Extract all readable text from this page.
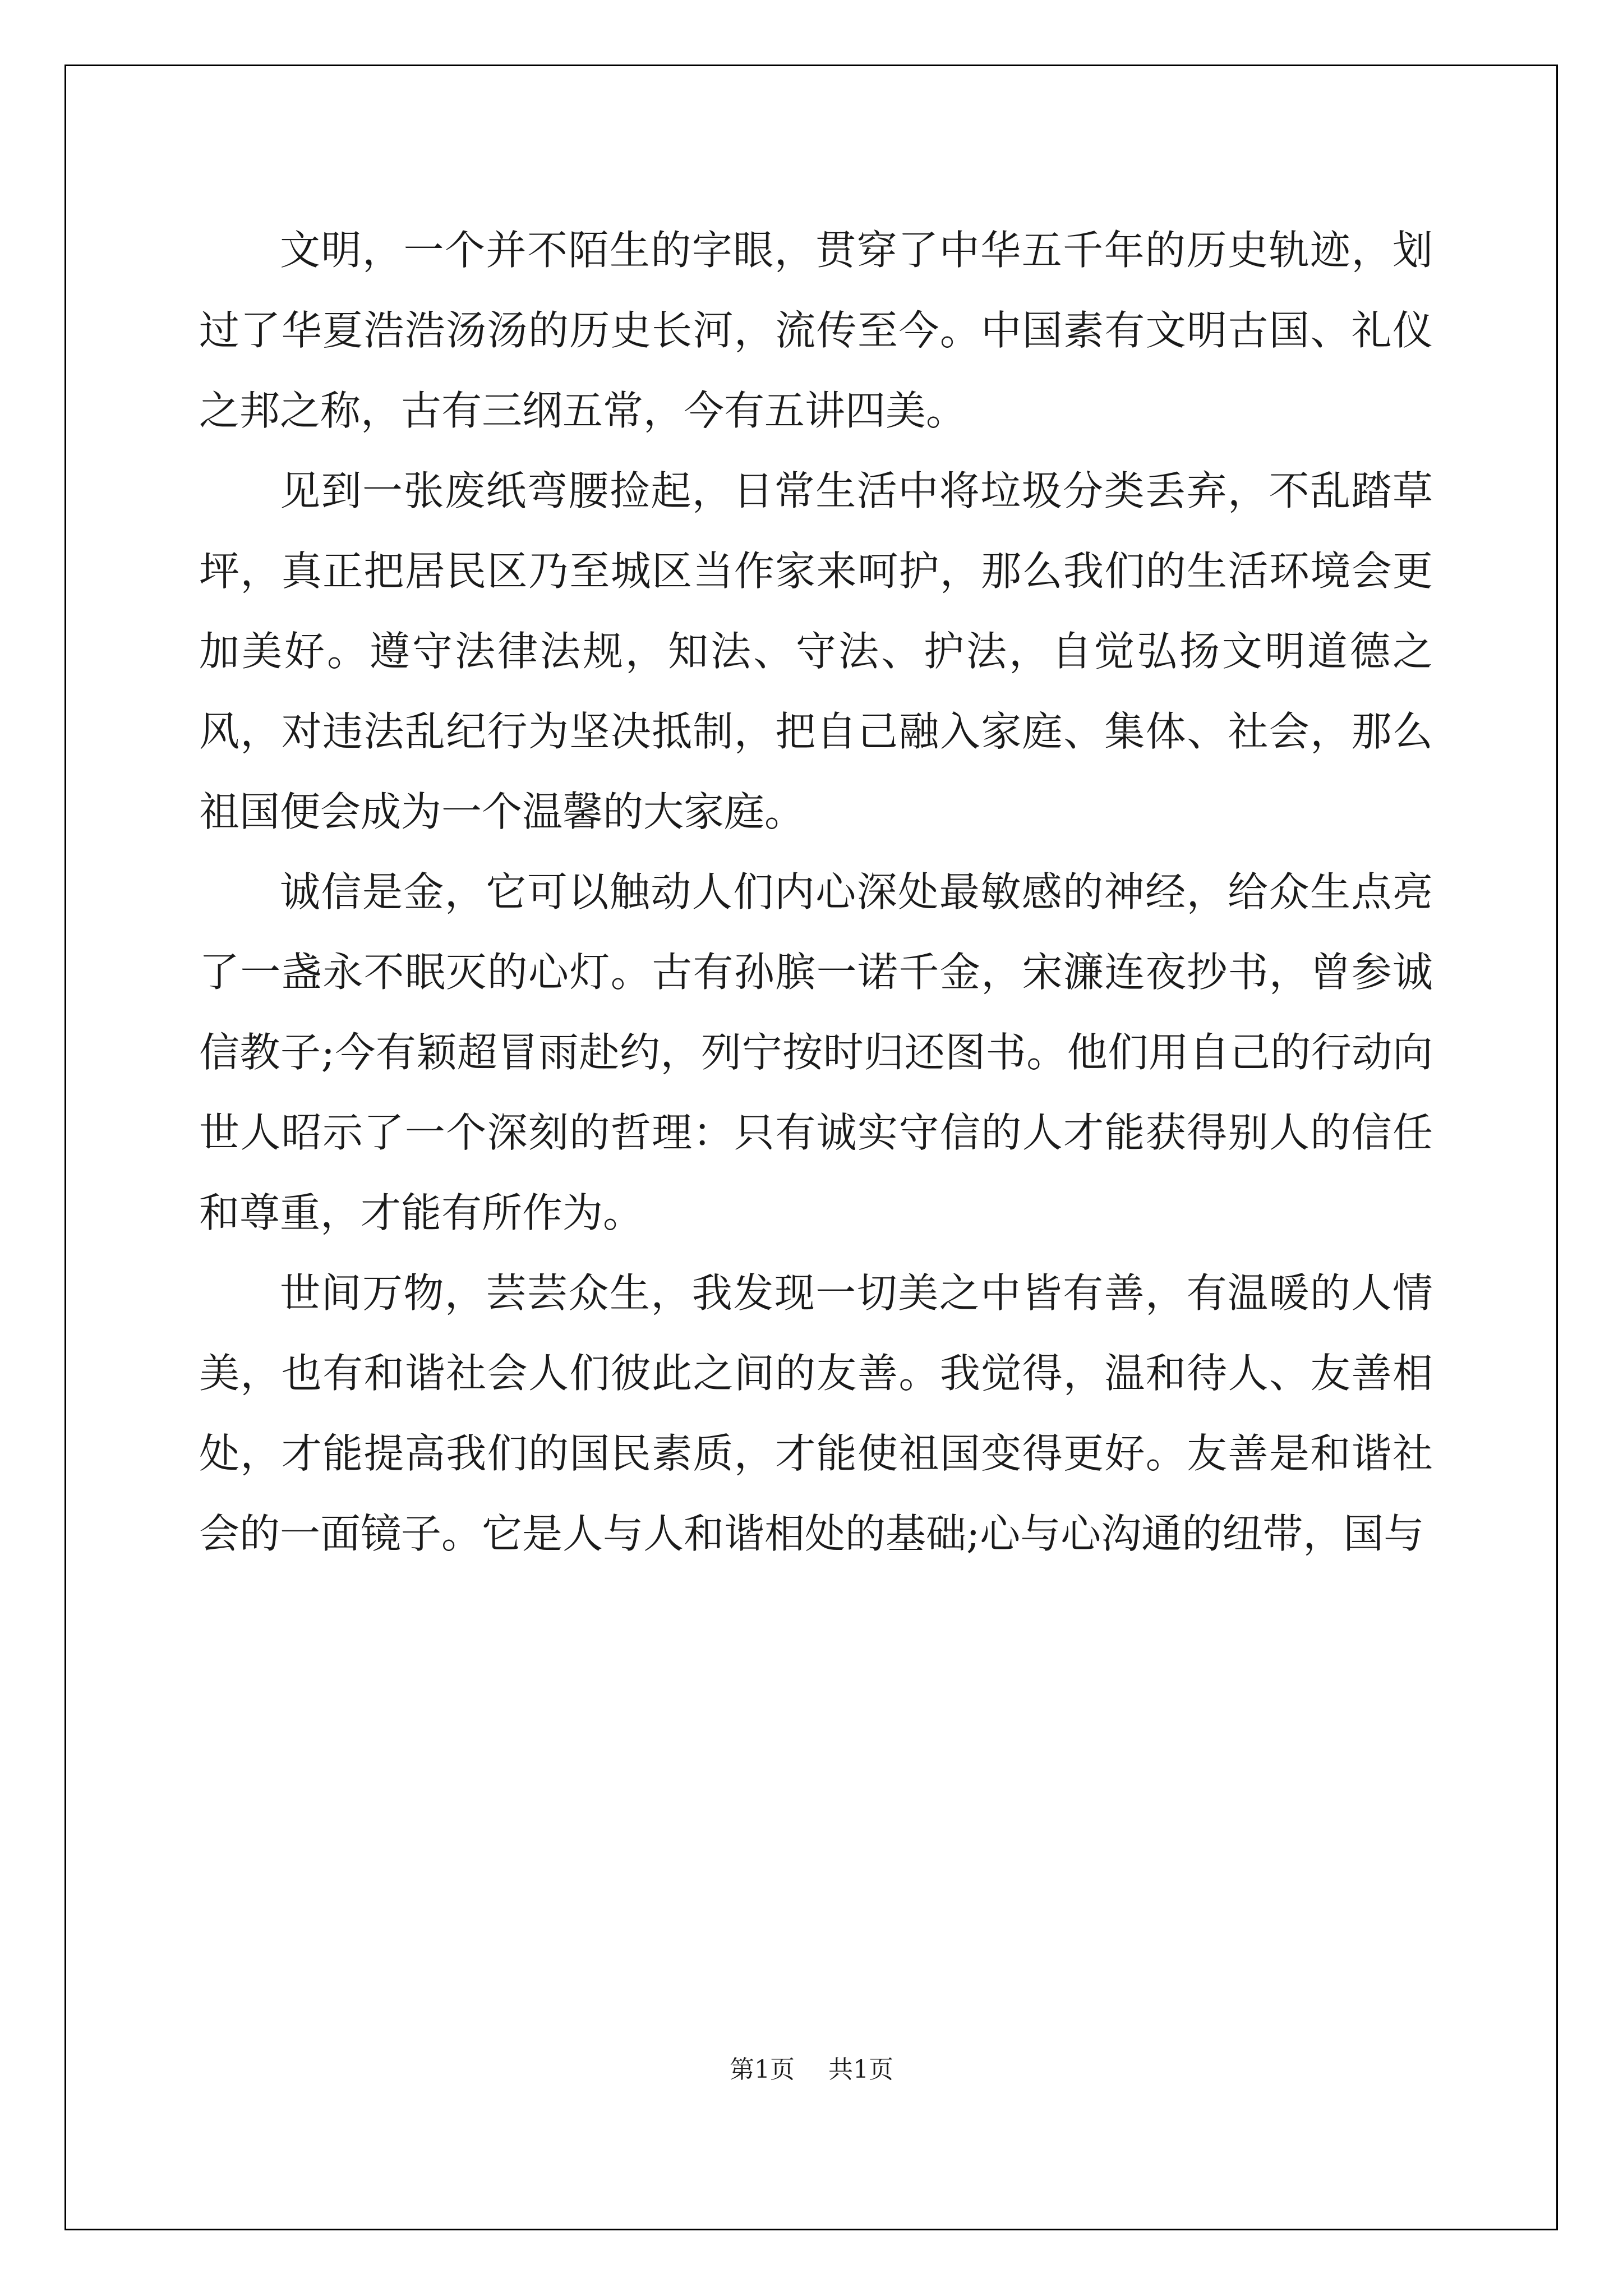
文明，一个并不陌生的字眼，贯穿了中华五千年的历史轨迹，划过了华夏浩浩汤汤的历史长河，流传至今。中国素有文明古国、礼仪之邦之称，古有三纲五常，今有五讲四美。

见到一张废纸弯腰捡起，日常生活中将垃圾分类丢弃，不乱踏草坪，真正把居民区乃至城区当作家来呵护，那么我们的生活环境会更加美好。遵守法律法规，知法、守法、护法，自觉弘扬文明道德之风，对违法乱纪行为坚决抵制，把自己融入家庭、集体、社会，那么祖国便会成为一个温馨的大家庭。

诚信是金，它可以触动人们内心深处最敏感的神经，给众生点亮了一盏永不眠灭的心灯。古有孙膑一诺千金，宋濂连夜抄书，曾参诚信教子;今有颖超冒雨赴约，列宁按时归还图书。他们用自己的行动向世人昭示了一个深刻的哲理：只有诚实守信的人才能获得别人的信任和尊重，才能有所作为。

世间万物，芸芸众生，我发现一切美之中皆有善，有温暖的人情美，也有和谐社会人们彼此之间的友善。我觉得，温和待人、友善相处，才能提高我们的国民素质，才能使祖国变得更好。友善是和谐社会的一面镜子。它是人与人和谐相处的基础;心与心沟通的纽带，国与

第1页 共1页
